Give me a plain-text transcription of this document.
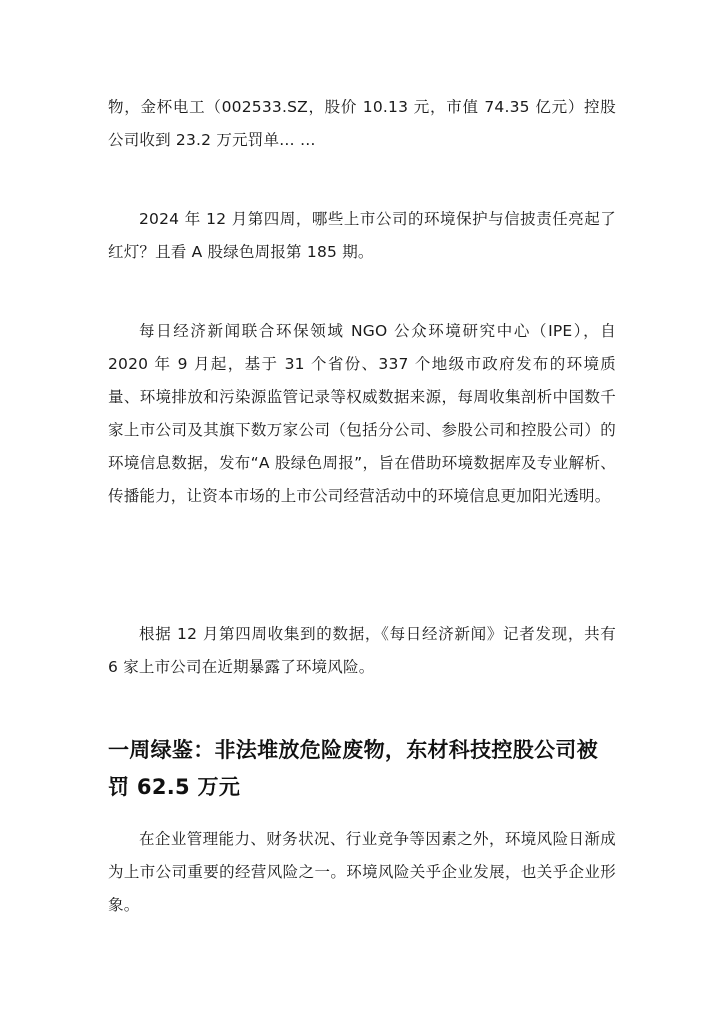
物，金杯电工（002533.SZ，股价 10.13 元，市值 74.35 亿元）控股公司收到 23.2 万元罚单… …

2024 年 12 月第四周，哪些上市公司的环境保护与信披责任亮起了红灯？且看 A 股绿色周报第 185 期。

每日经济新闻联合环保领域 NGO 公众环境研究中心（IPE），自 2020 年 9 月起，基于 31 个省份、337 个地级市政府发布的环境质量、环境排放和污染源监管记录等权威数据来源，每周收集剖析中国数千家上市公司及其旗下数万家公司（包括分公司、参股公司和控股公司）的环境信息数据，发布“A 股绿色周报”，旨在借助环境数据库及专业解析、传播能力，让资本市场的上市公司经营活动中的环境信息更加阳光透明。

根据 12 月第四周收集到的数据，《每日经济新闻》记者发现，共有 6 家上市公司在近期暴露了环境风险。

一周绿鉴：非法堆放危险废物，东材科技控股公司被罚 62.5 万元

在企业管理能力、财务状况、行业竞争等因素之外，环境风险日渐成为上市公司重要的经营风险之一。环境风险关乎企业发展，也关乎企业形象。
